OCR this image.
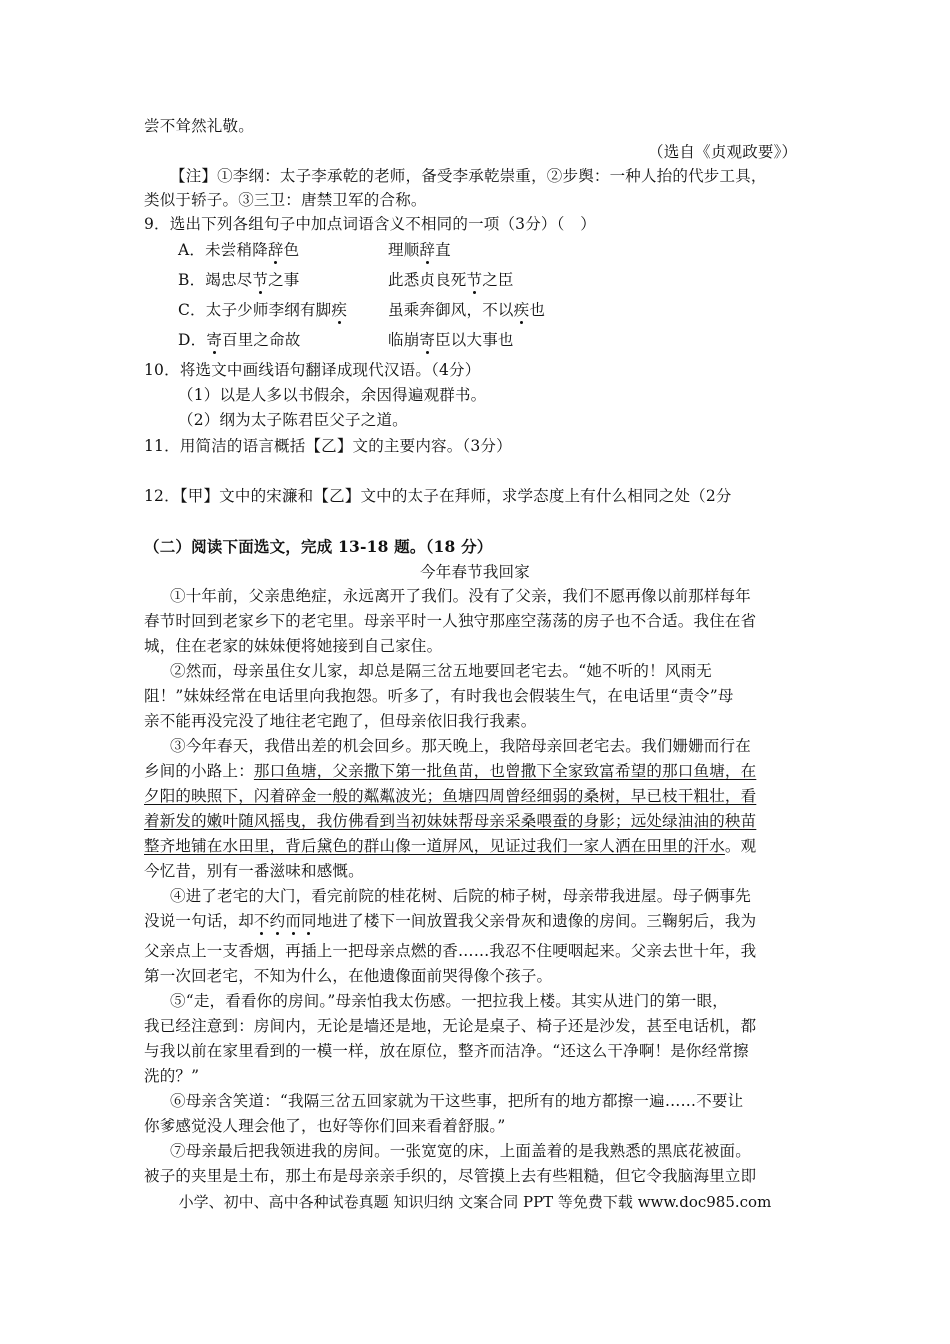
尝不耸然礼敬。
（选自《贞观政要》）
【注】①李纲：太子李承乾的老师，备受李承乾崇重，②步舆：一种人抬的代步工具，
类似于轿子。③三卫：唐禁卫军的合称。
9．选出下列各组句子中加点词语含义不相同的一项（3分）（　）
A．未尝稍降辞色	理顺辞直
B．竭忠尽节之事	此悉贞良死节之臣
C．太子少师李纲有脚疾	虽乘奔御风，不以疾也
D．寄百里之命故	临崩寄臣以大事也
10．将选文中画线语句翻译成现代汉语。（4分）
（1）以是人多以书假余，余因得遍观群书。
（2）纲为太子陈君臣父子之道。
11．用简洁的语言概括【乙】文的主要内容。（3分）
12．【甲】文中的宋濂和【乙】文中的太子在拜师，求学态度上有什么相同之处（2分
（二）阅读下面选文，完成 13-18 题。（18 分）
今年春节我回家
①十年前，父亲患绝症，永远离开了我们。没有了父亲，我们不愿再像以前那样每年
春节时回到老家乡下的老宅里。母亲平时一人独守那座空荡荡的房子也不合适。我住在省
城，住在老家的妹妹便将她接到自己家住。
②然而，母亲虽住女儿家，却总是隔三岔五地要回老宅去。“她不听的！风雨无
阻！”妹妹经常在电话里向我抱怨。听多了，有时我也会假装生气，在电话里“责令”母
亲不能再没完没了地往老宅跑了，但母亲依旧我行我素。
③今年春天，我借出差的机会回乡。那天晚上，我陪母亲回老宅去。我们姗姗而行在
乡间的小路上：那口鱼塘，父亲撒下第一批鱼苗，也曾撒下全家致富希望的那口鱼塘，在
夕阳的映照下，闪着碎金一般的粼粼波光；鱼塘四周曾经细弱的桑树，早已枝干粗壮，看
着新发的嫩叶随风摇曳，我仿佛看到当初妹妹帮母亲采桑喂蚕的身影；远处绿油油的秧苗
整齐地铺在水田里，背后黛色的群山像一道屏风，见证过我们一家人洒在田里的汗水。观
今忆昔，别有一番滋味和感慨。
④进了老宅的大门，看完前院的桂花树、后院的柿子树，母亲带我进屋。母子俩事先
没说一句话，却不约而同地进了楼下一间放置我父亲骨灰和遗像的房间。三鞠躬后，我为
父亲点上一支香烟，再插上一把母亲点燃的香……我忍不住哽咽起来。父亲去世十年，我
第一次回老宅，不知为什么，在他遗像面前哭得像个孩子。
⑤“走，看看你的房间。”母亲怕我太伤感。一把拉我上楼。其实从进门的第一眼，
我已经注意到：房间内，无论是墙还是地，无论是桌子、椅子还是沙发，甚至电话机，都
与我以前在家里看到的一模一样，放在原位，整齐而洁净。“还这么干净啊！是你经常擦
洗的？”
⑥母亲含笑道：“我隔三岔五回家就为干这些事，把所有的地方都擦一遍……不要让
你爹感觉没人理会他了，也好等你们回来看着舒服。”
⑦母亲最后把我领进我的房间。一张宽宽的床，上面盖着的是我熟悉的黑底花被面。
被子的夹里是土布，那土布是母亲亲手织的，尽管摸上去有些粗糙，但它令我脑海里立即
小学、初中、高中各种试卷真题 知识归纳 文案合同 PPT 等免费下载 www.doc985.com
